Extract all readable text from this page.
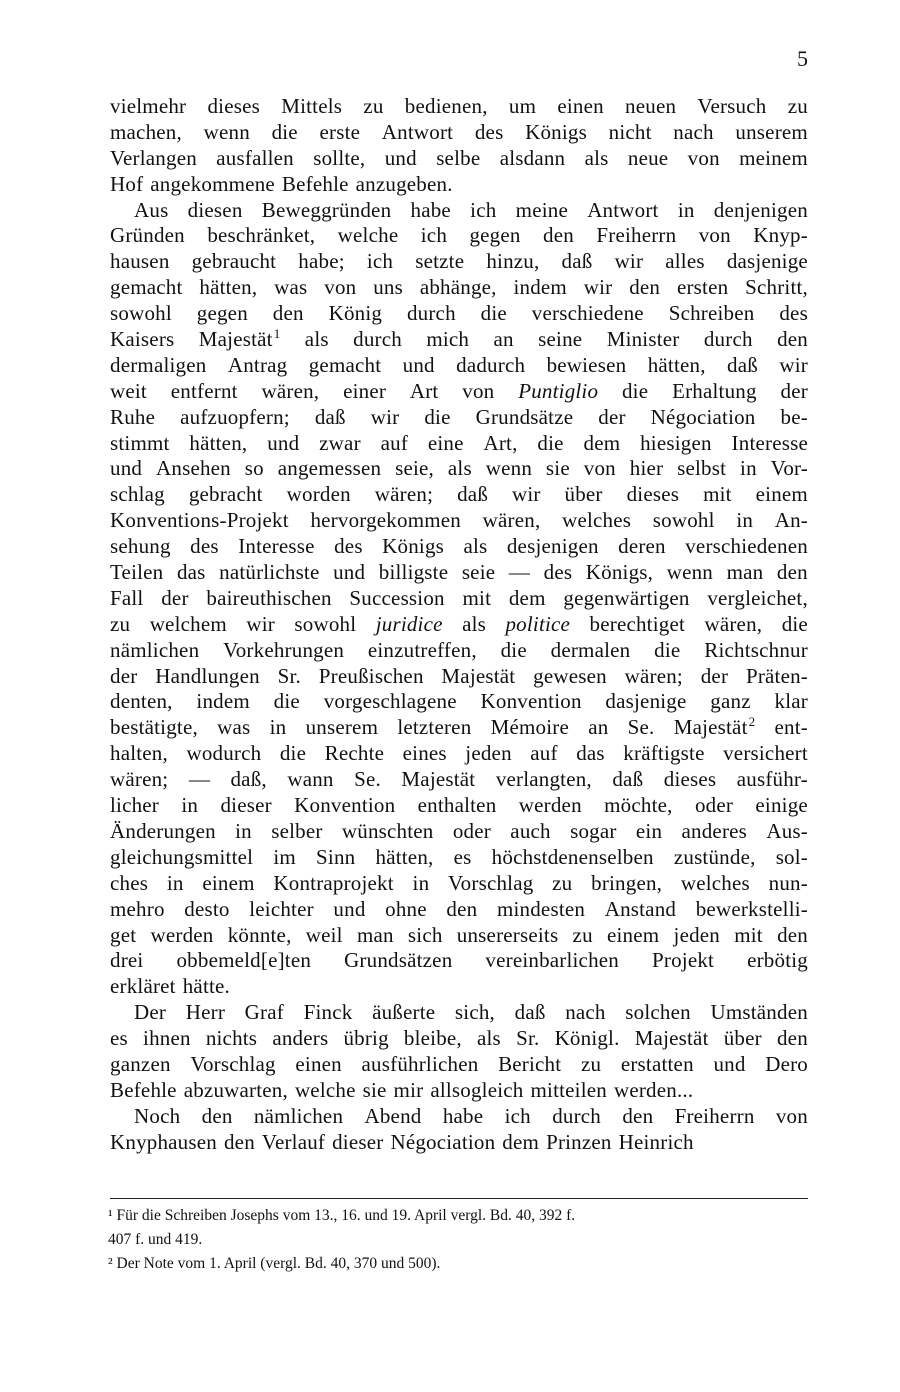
5
vielmehr dieses Mittels zu bedienen, um einen neuen Versuch zu
machen, wenn die erste Antwort des Königs nicht nach unserem
Verlangen ausfallen sollte, und selbe alsdann als neue von meinem
Hof angekommene Befehle anzugeben.
Aus diesen Beweggründen habe ich meine Antwort in denjenigen
Gründen beschränket, welche ich gegen den Freiherrn von Knyp-
hausen gebraucht habe; ich setzte hinzu, daß wir alles dasjenige
gemacht hätten, was von uns abhänge, indem wir den ersten Schritt,
sowohl gegen den König durch die verschiedene Schreiben des
Kaisers Majestät$^1$ als durch mich an seine Minister durch den
dermaligen Antrag gemacht und dadurch bewiesen hätten, daß wir
weit entfernt wären, einer Art von Puntiglio die Erhaltung der
Ruhe aufzuopfern; daß wir die Grundsätze der Négociation be-
stimmt hätten, und zwar auf eine Art, die dem hiesigen Interesse
und Ansehen so angemessen seie, als wenn sie von hier selbst in Vor-
schlag gebracht worden wären; daß wir über dieses mit einem
Konventions-Projekt hervorgekommen wären, welches sowohl in An-
sehung des Interesse des Königs als desjenigen deren verschiedenen
Teilen das natürlichste und billigste seie — des Königs, wenn man den
Fall der baireuthischen Succession mit dem gegenwärtigen vergleichet,
zu welchem wir sowohl juridice als politice berechtiget wären, die
nämlichen Vorkehrungen einzutreffen, die dermalen die Richtschnur
der Handlungen Sr. Preußischen Majestät gewesen wären; der Präten-
denten, indem die vorgeschlagene Konvention dasjenige ganz klar
bestätigte, was in unserem letzteren Mémoire an Se. Majestät$^2$ ent-
halten, wodurch die Rechte eines jeden auf das kräftigste versichert
wären; — daß, wann Se. Majestät verlangten, daß dieses ausführ-
licher in dieser Konvention enthalten werden möchte, oder einige
Änderungen in selber wünschten oder auch sogar ein anderes Aus-
gleichungsmittel im Sinn hätten, es höchstdenenselben zustünde, sol-
ches in einem Kontraprojekt in Vorschlag zu bringen, welches nun-
mehro desto leichter und ohne den mindesten Anstand bewerkstelli-
get werden könnte, weil man sich unsererseits zu einem jeden mit den
drei obbemeld[e]ten Grundsätzen vereinbarlichen Projekt erbötig
erkläret hätte.
Der Herr Graf Finck äußerte sich, daß nach solchen Umständen
es ihnen nichts anders übrig bleibe, als Sr. Königl. Majestät über den
ganzen Vorschlag einen ausführlichen Bericht zu erstatten und Dero
Befehle abzuwarten, welche sie mir allsogleich mitteilen werden...
Noch den nämlichen Abend habe ich durch den Freiherrn von
Knyphausen den Verlauf dieser Négociation dem Prinzen Heinrich
¹ Für die Schreiben Josephs vom 13., 16. und 19. April vergl. Bd. 40, 392 f.
407 f. und 419.
² Der Note vom 1. April (vergl. Bd. 40, 370 und 500).
